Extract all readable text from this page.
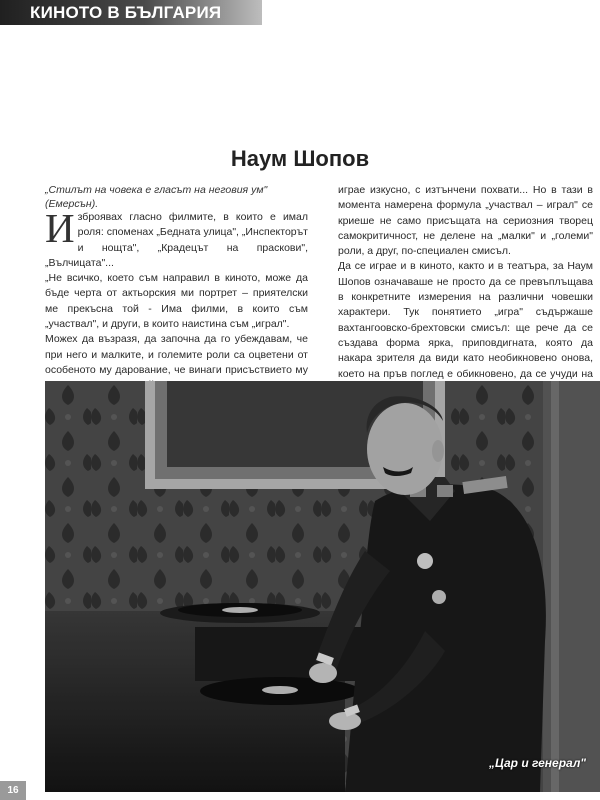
КИНОТО В БЪЛГАРИЯ
Наум Шопов
„Стилът на човека е гласът на неговия ум" (Емерсън).

Изброявах гласно филмите, в които е имал роля: споменах „Бедната улица", „Инспекторът и нощта", „Крадецът на праскови", „Вълчицата"...

„Не всичко, което съм направил в киното, може да бъде черта от актьорския ми портрет – приятелски ме прекъсна той - Има филми, в които съм „участвал", и други, в които наистина съм „играл".

Можех да възразя, да започна да го убеждавам, че при него и малките, и големите роли са оцветени от особеното му дарование, че винаги присъствието му

играе изкусно, с изтънчени похвати... Но в тази в момента намерена формула „участвал – играл" се криеше не само присъщата на сериозния творец самокритичност, не делене на „малки" и „големи" роли, а друг, по-специален смисъл.

Да се играе и в киното, както и в театъра, за Наум Шопов означаваше не просто да се превъплъщава в конкретните измерения на различни човешки характери. Тук понятието „игра" съдържаше вахтангоовско-брехтовски смисъл: ще рече да се създава форма ярка, приповдигната, която да накара зрителя да види като необикновено онова, което на пръв поглед е обикновено, да се учуди на

„Цар и генерал"
16
